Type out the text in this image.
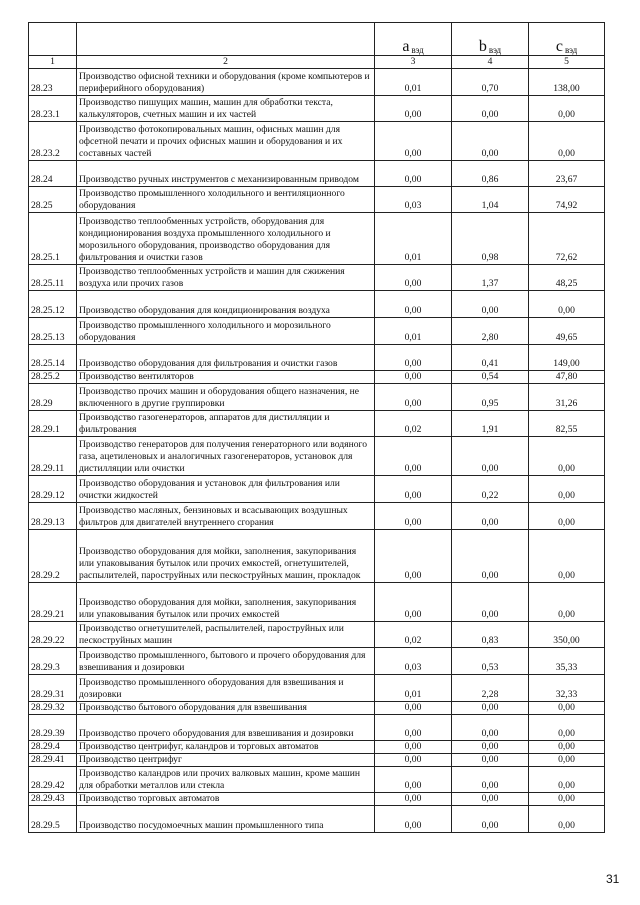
		a вэд	b вэд	c вэд
1	2	3	4	5
28.23	Производство офисной техники и оборудования (кроме компьютеров и периферийного оборудования)	0,01	0,70	138,00
28.23.1	Производство пишущих машин, машин для обработки текста, калькуляторов, счетных машин и их частей	0,00	0,00	0,00
28.23.2	Производство фотокопировальных машин, офисных машин для офсетной печати и прочих офисных машин и оборудования и их составных частей	0,00	0,00	0,00
28.24	Производство ручных инструментов с механизированным приводом	0,00	0,86	23,67
28.25	Производство промышленного холодильного и вентиляционного оборудования	0,03	1,04	74,92
28.25.1	Производство теплообменных устройств, оборудования для кондиционирования воздуха промышленного холодильного и морозильного оборудования, производство оборудования для фильтрования и очистки газов	0,01	0,98	72,62
28.25.11	Производство теплообменных устройств и машин для сжижения воздуха или прочих газов	0,00	1,37	48,25
28.25.12	Производство оборудования для кондиционирования воздуха	0,00	0,00	0,00
28.25.13	Производство промышленного холодильного и морозильного оборудования	0,01	2,80	49,65
28.25.14	Производство оборудования для фильтрования и очистки газов	0,00	0,41	149,00
28.25.2	Производство вентиляторов	0,00	0,54	47,80
28.29	Производство прочих машин и оборудования общего назначения, не включенного в другие группировки	0,00	0,95	31,26
28.29.1	Производство газогенераторов, аппаратов для дистилляции и фильтрования	0,02	1,91	82,55
28.29.11	Производство генераторов для получения генераторного или водяного газа, ацетиленовых и аналогичных газогенераторов, установок для дистилляции или очистки	0,00	0,00	0,00
28.29.12	Производство оборудования и установок для фильтрования или очистки жидкостей	0,00	0,22	0,00
28.29.13	Производство масляных, бензиновых и всасывающих воздушных фильтров для двигателей внутреннего сгорания	0,00	0,00	0,00
28.29.2	Производство оборудования для мойки, заполнения, закупоривания или упаковывания бутылок или прочих емкостей, огнетушителей, распылителей, пароструйных или пескоструйных машин, прокладок	0,00	0,00	0,00
28.29.21	Производство оборудования для мойки, заполнения, закупоривания или упаковывания бутылок или прочих емкостей	0,00	0,00	0,00
28.29.22	Производство огнетушителей, распылителей, пароструйных или пескоструйных машин	0,02	0,83	350,00
28.29.3	Производство промышленного, бытового и прочего оборудования для взвешивания и дозировки	0,03	0,53	35,33
28.29.31	Производство промышленного оборудования для взвешивания и дозировки	0,01	2,28	32,33
28.29.32	Производство бытового оборудования для взвешивания	0,00	0,00	0,00
28.29.39	Производство прочего оборудования для взвешивания и дозировки	0,00	0,00	0,00
28.29.4	Производство центрифуг, каландров и торговых автоматов	0,00	0,00	0,00
28.29.41	Производство центрифуг	0,00	0,00	0,00
28.29.42	Производство каландров или прочих валковых машин, кроме машин для обработки металлов или стекла	0,00	0,00	0,00
28.29.43	Производство торговых автоматов	0,00	0,00	0,00
28.29.5	Производство посудомоечных машин промышленного типа	0,00	0,00	0,00
31
